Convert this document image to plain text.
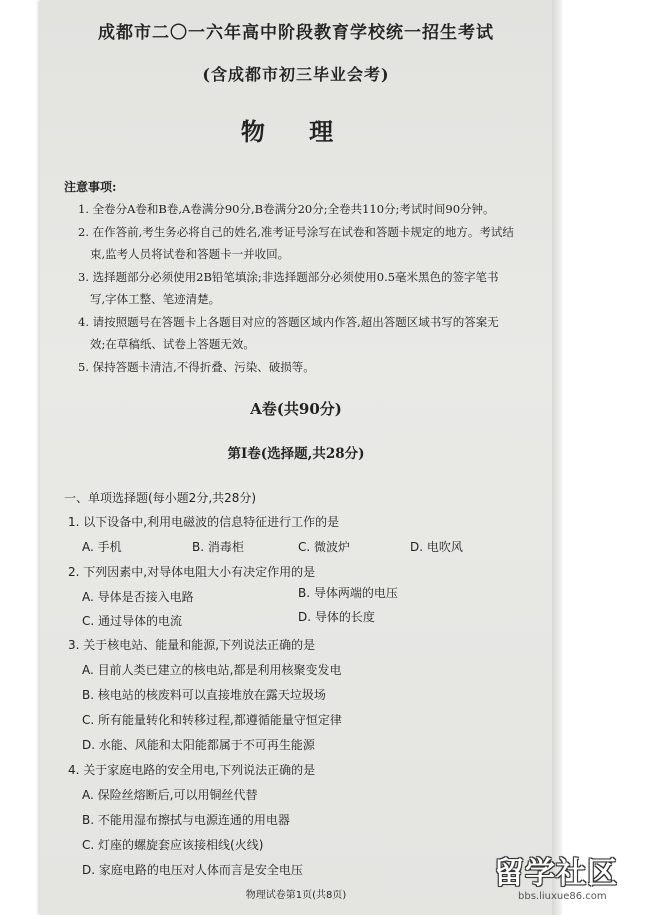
成都市二〇一六年高中阶段教育学校统一招生考试
(含成都市初三毕业会考)
物 理
注意事项:
1. 全卷分A卷和B卷,A卷满分90分,B卷满分20分;全卷共110分;考试时间90分钟。
2. 在作答前,考生务必将自己的姓名,准考证号涂写在试卷和答题卡规定的地方。考试结
束,监考人员将试卷和答题卡一并收回。
3. 选择题部分必须使用2B铅笔填涂;非选择题部分必须使用0.5毫米黑色的签字笔书
写,字体工整、笔迹清楚。
4. 请按照题号在答题卡上各题目对应的答题区域内作答,超出答题区域书写的答案无
效;在草稿纸、试卷上答题无效。
5. 保持答题卡清洁,不得折叠、污染、破损等。
A卷(共90分)
第Ⅰ卷(选择题,共28分)
一、单项选择题(每小题2分,共28分)
1. 以下设备中,利用电磁波的信息特征进行工作的是
A. 手机	B. 消毒柜	C. 微波炉	D. 电吹风
2. 下列因素中,对导体电阻大小有决定作用的是
A. 导体是否接入电路	B. 导体两端的电压
C. 通过导体的电流	D. 导体的长度
3. 关于核电站、能量和能源,下列说法正确的是
A. 目前人类已建立的核电站,都是利用核聚变发电
B. 核电站的核废料可以直接堆放在露天垃圾场
C. 所有能量转化和转移过程,都遵循能量守恒定律
D. 水能、风能和太阳能都属于不可再生能源
4. 关于家庭电路的安全用电,下列说法正确的是
A. 保险丝熔断后,可以用铜丝代替
B. 不能用湿布擦拭与电源连通的用电器
C. 灯座的螺旋套应该接相线(火线)
D. 家庭电路的电压对人体而言是安全电压
物理试卷第1页(共8页)
留学社区
bbs.liuxue86.com
